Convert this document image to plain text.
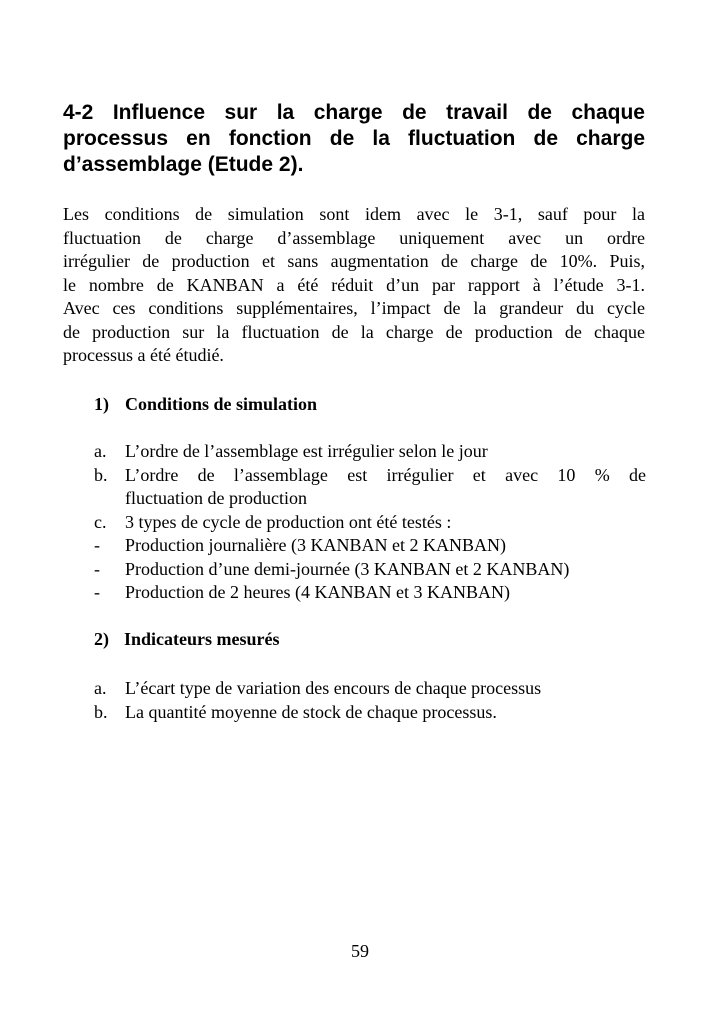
4-2 Influence sur la charge de travail de chaque processus en fonction de la fluctuation de charge d’assemblage (Etude 2).

Les conditions de simulation sont idem avec le 3-1, sauf pour la
fluctuation de charge d’assemblage uniquement avec un ordre
irrégulier de production et sans augmentation de charge de 10%. Puis,
le nombre de KANBAN a été réduit d’un par rapport à l’étude 3-1.
Avec ces conditions supplémentaires, l’impact de la grandeur du cycle
de production sur la fluctuation de la charge de production de chaque
processus a été étudié.

1) Conditions de simulation
a. L’ordre de l’assemblage est irrégulier selon le jour
b. L’ordre de l’assemblage est irrégulier et avec 10 % de
fluctuation de production
c. 3 types de cycle de production ont été testés :
- Production journalière (3 KANBAN et 2 KANBAN)
- Production d’une demi-journée (3 KANBAN et 2 KANBAN)
- Production de 2 heures (4 KANBAN et 3 KANBAN)
2) Indicateurs mesurés
a. L’écart type de variation des encours de chaque processus
b. La quantité moyenne de stock de chaque processus.

59
